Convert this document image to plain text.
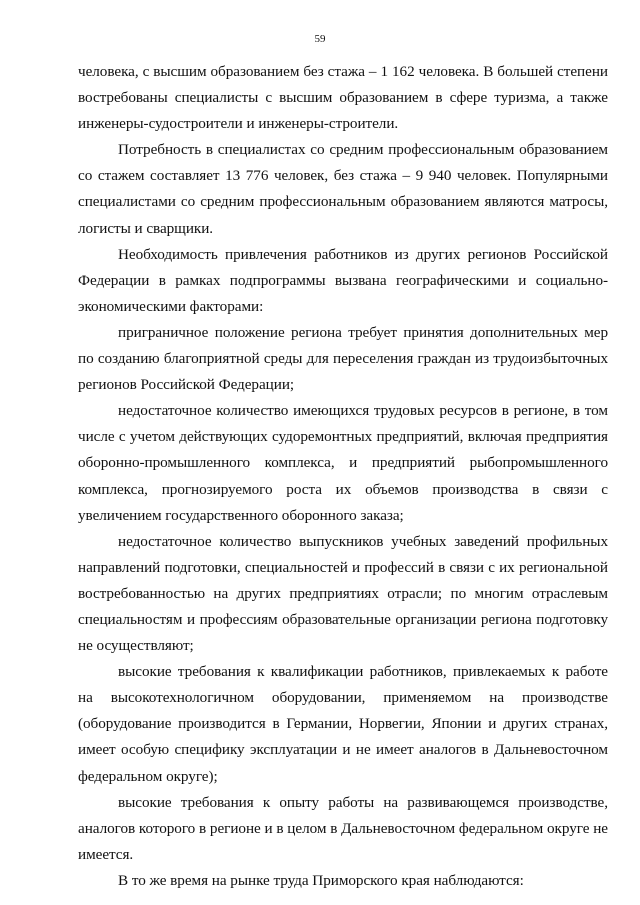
59

человека, с высшим образованием без стажа – 1 162 человека. В большей степени востребованы специалисты с высшим образованием в сфере туризма, а также инженеры-судостроители и инженеры-строители.

Потребность в специалистах со средним профессиональным образованием со стажем составляет 13 776 человек, без стажа – 9 940 человек. Популярными специалистами со средним профессиональным образованием являются матросы, логисты и сварщики.

Необходимость привлечения работников из других регионов Российской Федерации в рамках подпрограммы вызвана географическими и социально-экономическими факторами:

приграничное положение региона требует принятия дополнительных мер по созданию благоприятной среды для переселения граждан из трудоизбыточных регионов Российской Федерации;

недостаточное количество имеющихся трудовых ресурсов в регионе, в том числе с учетом действующих судоремонтных предприятий, включая предприятия оборонно-промышленного комплекса, и предприятий рыбопромышленного комплекса, прогнозируемого роста их объемов производства в связи с увеличением государственного оборонного заказа;

недостаточное количество выпускников учебных заведений профильных направлений подготовки, специальностей и профессий в связи с их региональной востребованностью на других предприятиях отрасли; по многим отраслевым специальностям и профессиям образовательные организации региона подготовку не осуществляют;

высокие требования к квалификации работников, привлекаемых к работе на высокотехнологичном оборудовании, применяемом на производстве (оборудование производится в Германии, Норвегии, Японии и других странах, имеет особую специфику эксплуатации и не имеет аналогов в Дальневосточном федеральном округе);

высокие требования к опыту работы на развивающемся производстве, аналогов которого в регионе и в целом в Дальневосточном федеральном округе не имеется.

В то же время на рынке труда Приморского края наблюдаются:
